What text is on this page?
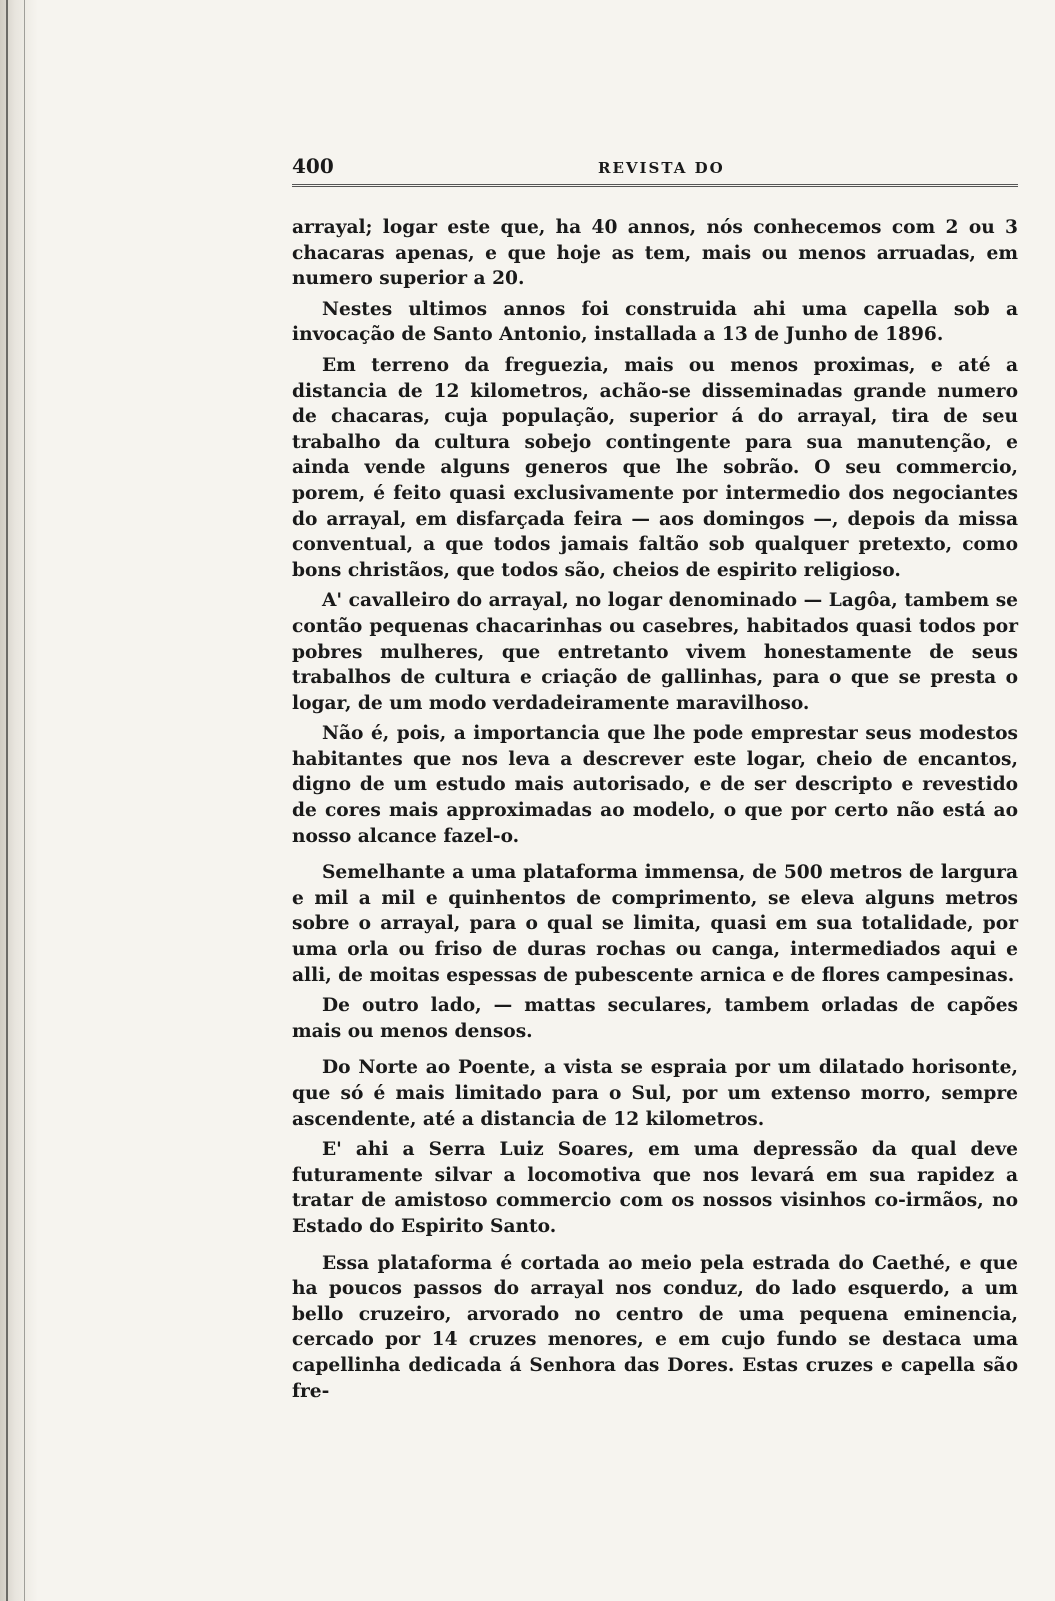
400	REVISTA DO

arrayal; logar este que, ha 40 annos, nós conhecemos com 2 ou 3 chacaras apenas, e que hoje as tem, mais ou menos arruadas, em numero superior a 20.

Nestes ultimos annos foi construida ahi uma capella sob a invocação de Santo Antonio, installada a 13 de Junho de 1896.

Em terreno da freguezia, mais ou menos proximas, e até a distancia de 12 kilometros, achão-se disseminadas grande numero de chacaras, cuja população, superior á do arrayal, tira de seu trabalho da cultura sobejo contingente para sua manutenção, e ainda vende alguns generos que lhe sobrão. O seu commercio, porem, é feito quasi exclusivamente por intermedio dos negociantes do arrayal, em disfarçada feira — aos domingos —, depois da missa conventual, a que todos jamais faltão sob qualquer pretexto, como bons christãos, que todos são, cheios de espirito religioso.

A' cavalleiro do arrayal, no logar denominado — Lagôa, tambem se contão pequenas chacarinhas ou casebres, habitados quasi todos por pobres mulheres, que entretanto vivem honestamente de seus trabalhos de cultura e criação de gallinhas, para o que se presta o logar, de um modo verdadeiramente maravilhoso.

Não é, pois, a importancia que lhe pode emprestar seus modestos habitantes que nos leva a descrever este logar, cheio de encantos, digno de um estudo mais autorisado, e de ser descripto e revestido de cores mais approximadas ao modelo, o que por certo não está ao nosso alcance fazel-o.

Semelhante a uma plataforma immensa, de 500 metros de largura e mil a mil e quinhentos de comprimento, se eleva alguns metros sobre o arrayal, para o qual se limita, quasi em sua totalidade, por uma orla ou friso de duras rochas ou canga, intermediados aqui e alli, de moitas espessas de pubescente arnica e de flores campesinas.

De outro lado, — mattas seculares, tambem orladas de capões mais ou menos densos.

Do Norte ao Poente, a vista se espraia por um dilatado horisonte, que só é mais limitado para o Sul, por um extenso morro, sempre ascendente, até a distancia de 12 kilometros.

E' ahi a Serra Luiz Soares, em uma depressão da qual deve futuramente silvar a locomotiva que nos levará em sua rapidez a tratar de amistoso commercio com os nossos visinhos co-irmãos, no Estado do Espirito Santo.

Essa plataforma é cortada ao meio pela estrada do Caethé, e que ha poucos passos do arrayal nos conduz, do lado esquerdo, a um bello cruzeiro, arvorado no centro de uma pequena eminencia, cercado por 14 cruzes menores, e em cujo fundo se destaca uma capellinha dedicada á Senhora das Dores. Estas cruzes e capella são fre-
